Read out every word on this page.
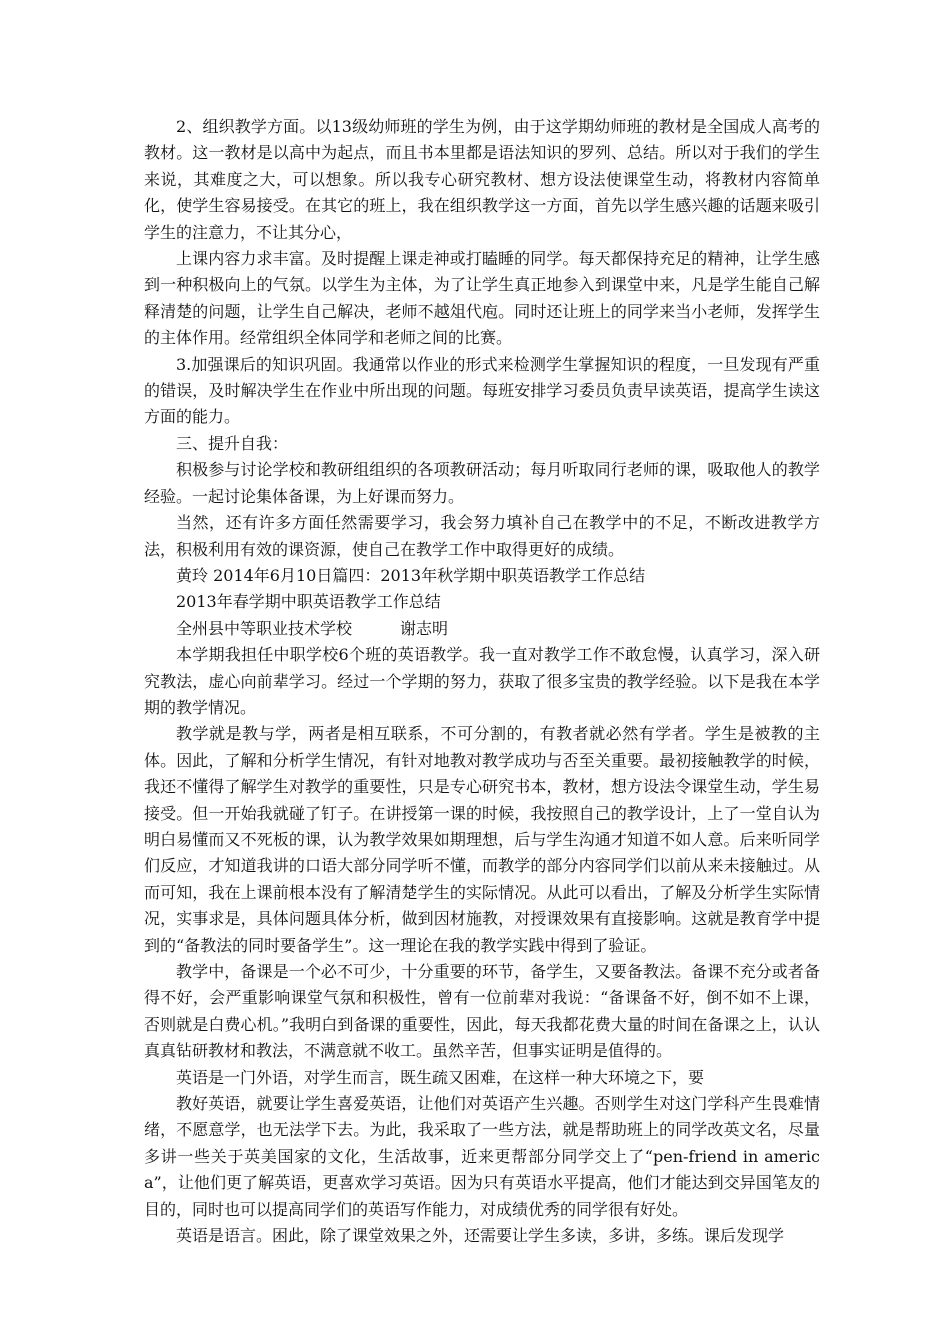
2、组织教学方面。以13级幼师班的学生为例，由于这学期幼师班的教材是全国成人高考的教材。这一教材是以高中为起点，而且书本里都是语法知识的罗列、总结。所以对于我们的学生来说，其难度之大，可以想象。所以我专心研究教材、想方设法使课堂生动，将教材内容简单化，使学生容易接受。在其它的班上，我在组织教学这一方面，首先以学生感兴趣的话题来吸引学生的注意力，不让其分心，

上课内容力求丰富。及时提醒上课走神或打瞌睡的同学。每天都保持充足的精神，让学生感到一种积极向上的气氛。以学生为主体，为了让学生真正地参入到课堂中来，凡是学生能自己解释清楚的问题，让学生自己解决，老师不越俎代庖。同时还让班上的同学来当小老师，发挥学生的主体作用。经常组织全体同学和老师之间的比赛。

3.加强课后的知识巩固。我通常以作业的形式来检测学生掌握知识的程度，一旦发现有严重的错误，及时解决学生在作业中所出现的问题。每班安排学习委员负责早读英语，提高学生读这方面的能力。

三、提升自我：

积极参与讨论学校和教研组组织的各项教研活动；每月听取同行老师的课，吸取他人的教学经验。一起讨论集体备课，为上好课而努力。

当然，还有许多方面任然需要学习，我会努力填补自己在教学中的不足，不断改进教学方法，积极利用有效的课资源，使自己在教学工作中取得更好的成绩。

黄玲 2014年6月10日篇四：2013年秋学期中职英语教学工作总结

2013年春学期中职英语教学工作总结

全州县中等职业技术学校	谢志明

本学期我担任中职学校6个班的英语教学。我一直对教学工作不敢怠慢，认真学习，深入研究教法，虚心向前辈学习。经过一个学期的努力，获取了很多宝贵的教学经验。以下是我在本学期的教学情况。

教学就是教与学，两者是相互联系，不可分割的，有教者就必然有学者。学生是被教的主体。因此，了解和分析学生情况，有针对地教对教学成功与否至关重要。最初接触教学的时候，我还不懂得了解学生对教学的重要性，只是专心研究书本，教材，想方设法令课堂生动，学生易接受。但一开始我就碰了钉子。在讲授第一课的时候，我按照自己的教学设计，上了一堂自认为明白易懂而又不死板的课，认为教学效果如期理想，后与学生沟通才知道不如人意。后来听同学们反应，才知道我讲的口语大部分同学听不懂，而教学的部分内容同学们以前从来未接触过。从而可知，我在上课前根本没有了解清楚学生的实际情况。从此可以看出，了解及分析学生实际情况，实事求是，具体问题具体分析，做到因材施教，对授课效果有直接影响。这就是教育学中提到的“备教法的同时要备学生”。这一理论在我的教学实践中得到了验证。

教学中，备课是一个必不可少，十分重要的环节，备学生，又要备教法。备课不充分或者备得不好，会严重影响课堂气氛和积极性，曾有一位前辈对我说：“备课备不好，倒不如不上课，否则就是白费心机。”我明白到备课的重要性，因此，每天我都花费大量的时间在备课之上，认认真真钻研教材和教法，不满意就不收工。虽然辛苦，但事实证明是值得的。

英语是一门外语，对学生而言，既生疏又困难，在这样一种大环境之下，要

教好英语，就要让学生喜爱英语，让他们对英语产生兴趣。否则学生对这门学科产生畏难情绪，不愿意学，也无法学下去。为此，我采取了一些方法，就是帮助班上的同学改英文名，尽量多讲一些关于英美国家的文化，生活故事，近来更帮部分同学交上了“pen-friend in america”，让他们更了解英语，更喜欢学习英语。因为只有英语水平提高，他们才能达到交异国笔友的目的，同时也可以提高同学们的英语写作能力，对成绩优秀的同学很有好处。

英语是语言。困此，除了课堂效果之外，还需要让学生多读，多讲，多练。课后发现学
